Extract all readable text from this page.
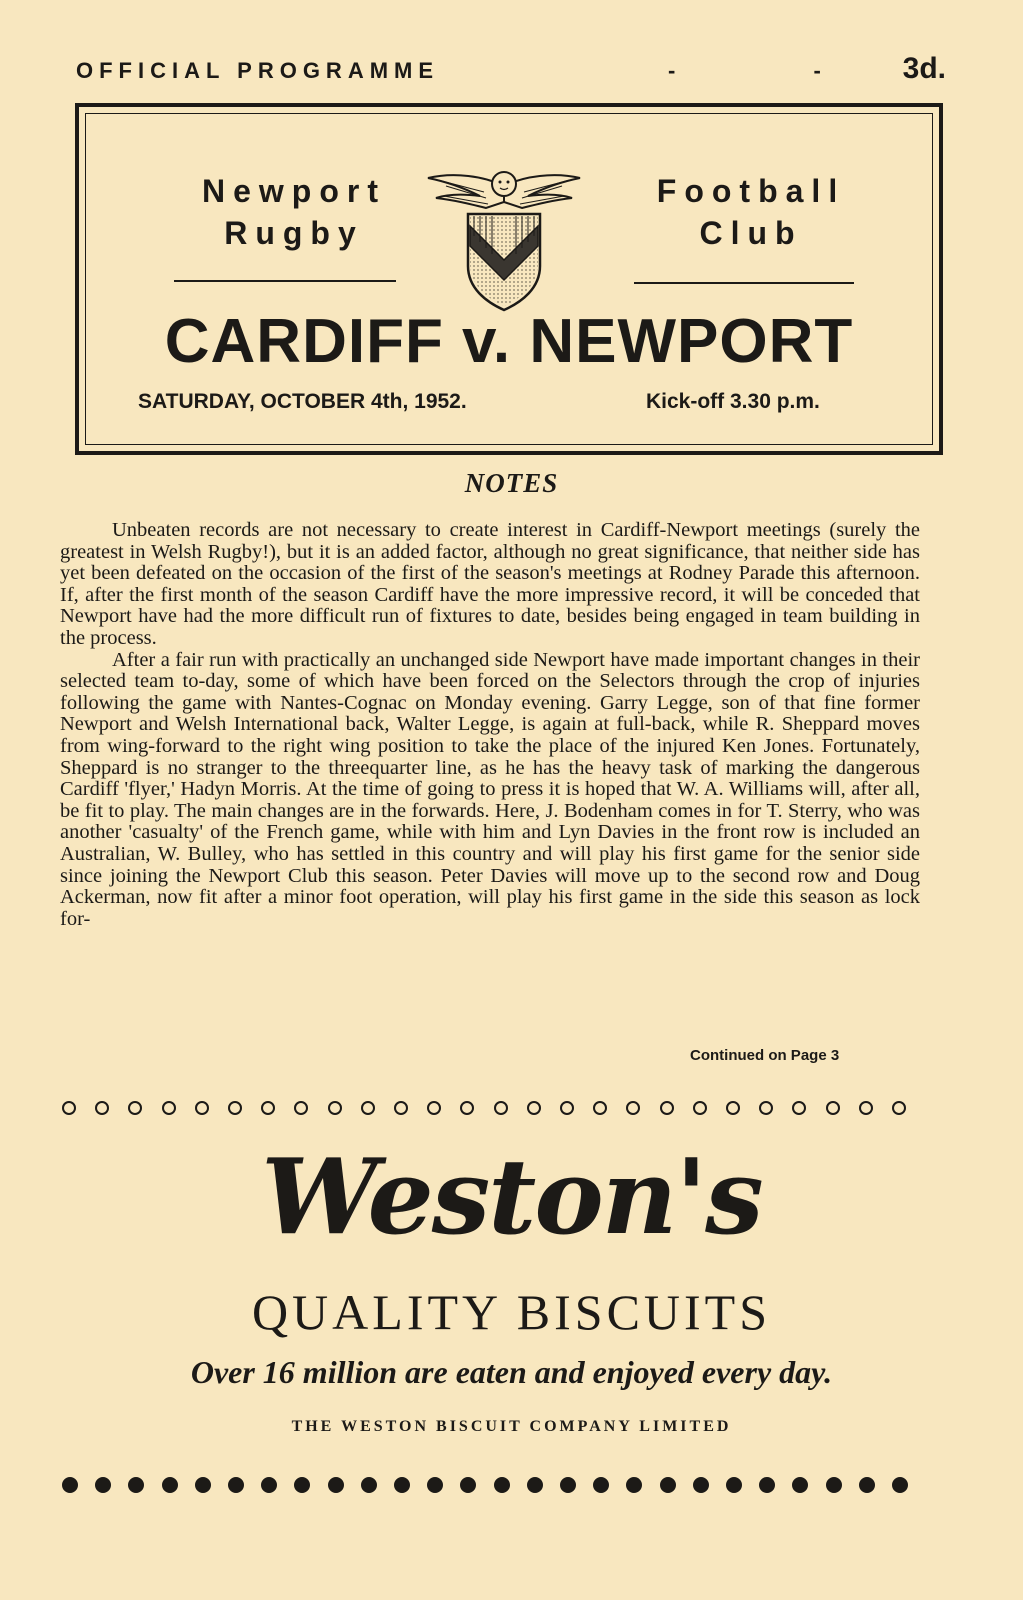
OFFICIAL PROGRAMME	- - 3d.
Newport
Rugby
Football
Club
CARDIFF v. NEWPORT
SATURDAY, OCTOBER 4th, 1952.	Kick-off 3.30 p.m.
NOTES

Unbeaten records are not necessary to create interest in Cardiff-Newport meetings (surely the greatest in Welsh Rugby!), but it is an added factor, although no great significance, that neither side has yet been defeated on the occasion of the first of the season's meetings at Rodney Parade this afternoon. If, after the first month of the season Cardiff have the more impressive record, it will be conceded that Newport have had the more difficult run of fixtures to date, besides being engaged in team building in the process.

After a fair run with practically an unchanged side Newport have made important changes in their selected team to-day, some of which have been forced on the Selectors through the crop of injuries following the game with Nantes-Cognac on Monday evening. Garry Legge, son of that fine former Newport and Welsh International back, Walter Legge, is again at full-back, while R. Sheppard moves from wing-forward to the right wing position to take the place of the injured Ken Jones. Fortunately, Sheppard is no stranger to the threequarter line, as he has the heavy task of marking the dangerous Cardiff 'flyer,' Hadyn Morris. At the time of going to press it is hoped that W. A. Williams will, after all, be fit to play. The main changes are in the forwards. Here, J. Bodenham comes in for T. Sterry, who was another 'casualty' of the French game, while with him and Lyn Davies in the front row is included an Australian, W. Bulley, who has settled in this country and will play his first game for the senior side since joining the Newport Club this season. Peter Davies will move up to the second row and Doug Ackerman, now fit after a minor foot operation, will play his first game in the side this season as lock for-

Continued on Page 3
Weston's
QUALITY BISCUITS
Over 16 million are eaten and enjoyed every day.
THE WESTON BISCUIT COMPANY LIMITED
